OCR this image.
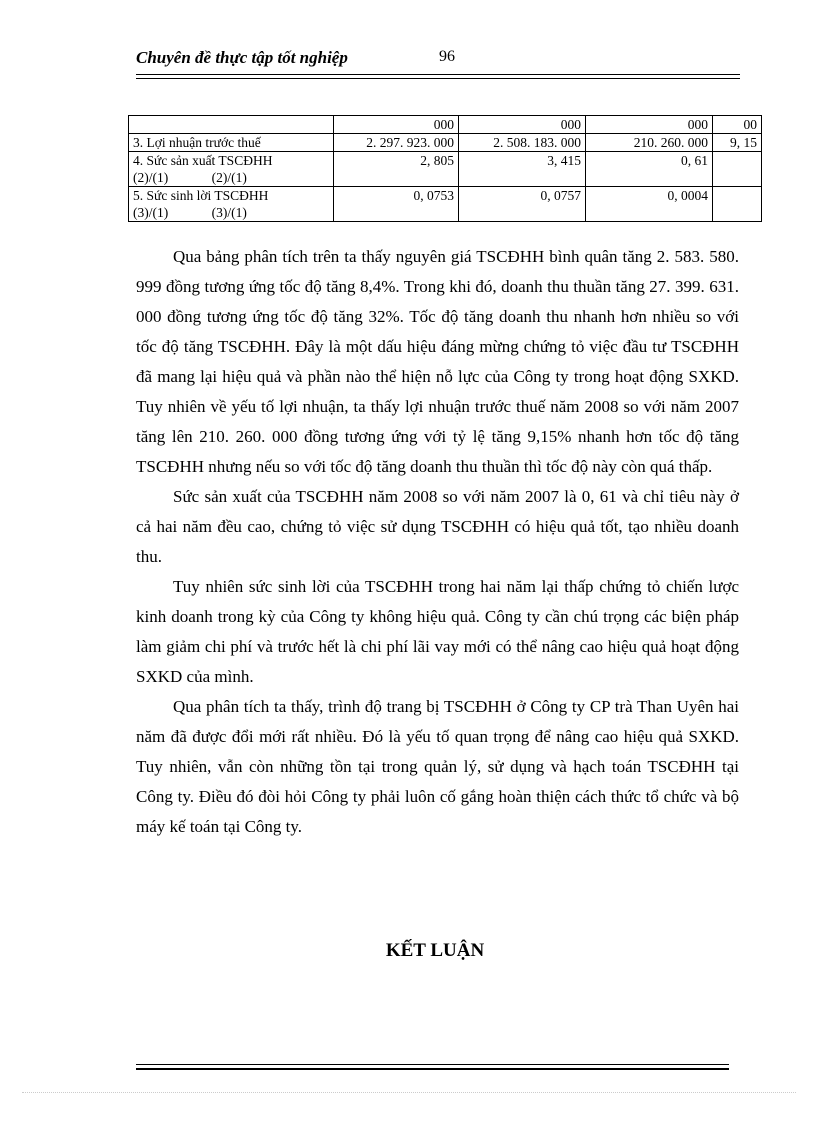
Chuyên đề thực tập tốt nghiệp	96
	000	000	000	00

3. Lợi nhuận trước thuế	2. 297. 923. 000	2. 508. 183. 000	210. 260. 000	9, 15

4. Sức sản xuất TSCĐHH
(2)/(1) (2)/(1)	2, 805	3, 415	0, 61	

5. Sức sinh lời TSCĐHH
(3)/(1) (3)/(1)	0, 0753	0, 0757	0, 0004	

Qua bảng phân tích trên ta thấy nguyên giá TSCĐHH bình quân tăng 2. 583. 580. 999 đồng tương ứng tốc độ tăng 8,4%. Trong khi đó, doanh thu thuần tăng 27. 399. 631. 000 đồng tương ứng tốc độ tăng 32%. Tốc độ tăng doanh thu nhanh hơn nhiều so với tốc độ tăng TSCĐHH. Đây là một dấu hiệu đáng mừng chứng tỏ việc đầu tư TSCĐHH đã mang lại hiệu quả và phần nào thể hiện nỗ lực của Công ty trong hoạt động SXKD. Tuy nhiên về yếu tố lợi nhuận, ta thấy lợi nhuận trước thuế năm 2008 so với năm 2007 tăng lên 210. 260. 000 đồng tương ứng với tỷ lệ tăng 9,15% nhanh hơn tốc độ tăng TSCĐHH nhưng nếu so với tốc độ tăng doanh thu thuần thì tốc độ này còn quá thấp.

Sức sản xuất của TSCĐHH năm 2008 so với năm 2007 là 0, 61 và chỉ tiêu này ở cả hai năm đều cao, chứng tỏ việc sử dụng TSCĐHH có hiệu quả tốt, tạo nhiều doanh thu.

Tuy nhiên sức sinh lời của TSCĐHH trong hai năm lại thấp chứng tỏ chiến lược kinh doanh trong kỳ của Công ty không hiệu quả. Công ty cần chú trọng các biện pháp làm giảm chi phí và trước hết là chi phí lãi vay mới có thể nâng cao hiệu quả hoạt động SXKD của mình.

Qua phân tích ta thấy, trình độ trang bị TSCĐHH ở Công ty CP trà Than Uyên hai năm đã được đổi mới rất nhiều. Đó là yếu tố quan trọng để nâng cao hiệu quả SXKD. Tuy nhiên, vẫn còn những tồn tại trong quản lý, sử dụng và hạch toán TSCĐHH tại Công ty. Điều đó đòi hỏi Công ty phải luôn cố gắng hoàn thiện cách thức tổ chức và bộ máy kế toán tại Công ty.

KẾT LUẬN
